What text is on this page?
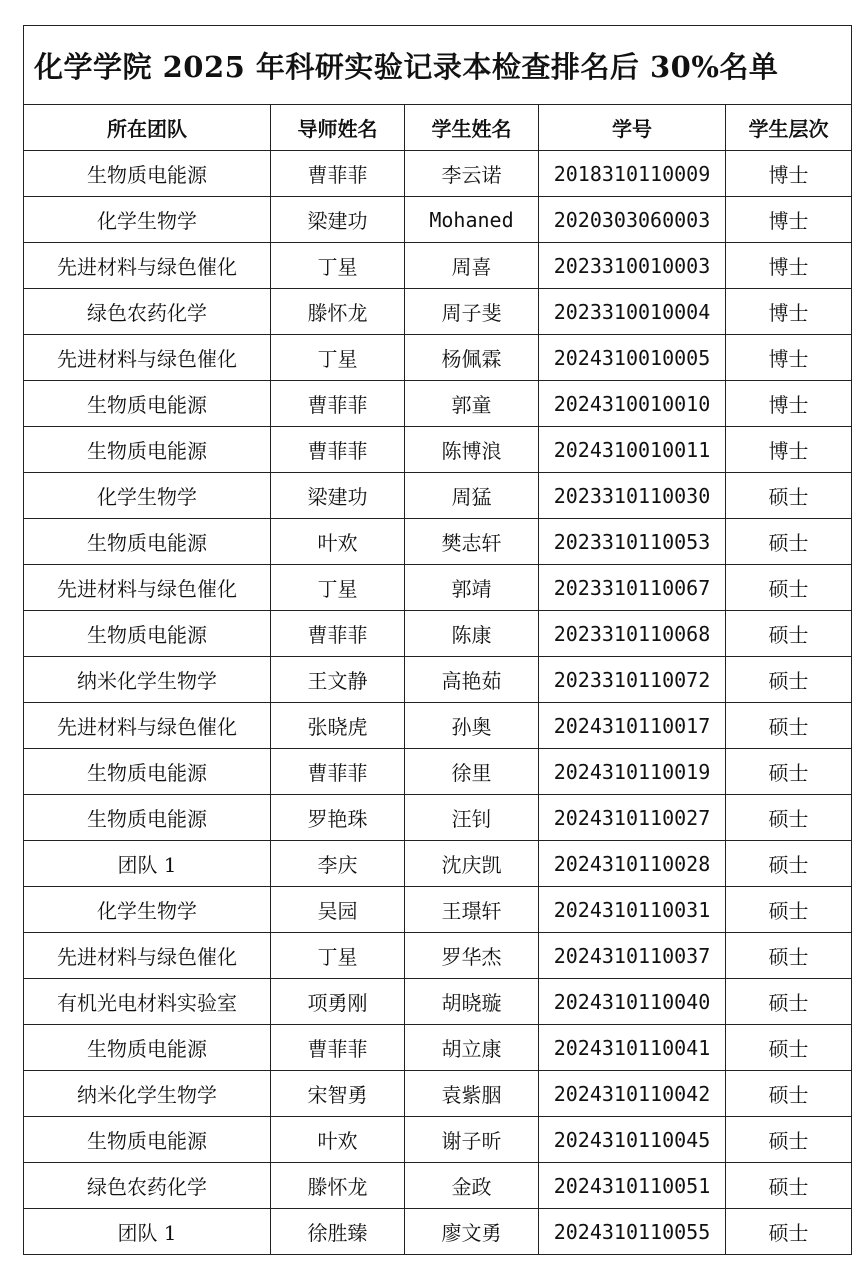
化学学院 2025 年科研实验记录本检查排名后 30%名单				
所在团队	导师姓名	学生姓名	学号	学生层次
生物质电能源	曹菲菲	李云诺	2018310110009	博士
化学生物学	梁建功	Mohaned	2020303060003	博士
先进材料与绿色催化	丁星	周喜	2023310010003	博士
绿色农药化学	滕怀龙	周子斐	2023310010004	博士
先进材料与绿色催化	丁星	杨佩霖	2024310010005	博士
生物质电能源	曹菲菲	郭童	2024310010010	博士
生物质电能源	曹菲菲	陈博浪	2024310010011	博士
化学生物学	梁建功	周猛	2023310110030	硕士
生物质电能源	叶欢	樊志轩	2023310110053	硕士
先进材料与绿色催化	丁星	郭靖	2023310110067	硕士
生物质电能源	曹菲菲	陈康	2023310110068	硕士
纳米化学生物学	王文静	高艳茹	2023310110072	硕士
先进材料与绿色催化	张晓虎	孙奥	2024310110017	硕士
生物质电能源	曹菲菲	徐里	2024310110019	硕士
生物质电能源	罗艳珠	汪钊	2024310110027	硕士
团队 1	李庆	沈庆凯	2024310110028	硕士
化学生物学	吴园	王璟轩	2024310110031	硕士
先进材料与绿色催化	丁星	罗华杰	2024310110037	硕士
有机光电材料实验室	项勇刚	胡晓璇	2024310110040	硕士
生物质电能源	曹菲菲	胡立康	2024310110041	硕士
纳米化学生物学	宋智勇	袁紫胭	2024310110042	硕士
生物质电能源	叶欢	谢子昕	2024310110045	硕士
绿色农药化学	滕怀龙	金政	2024310110051	硕士
团队 1	徐胜臻	廖文勇	2024310110055	硕士
